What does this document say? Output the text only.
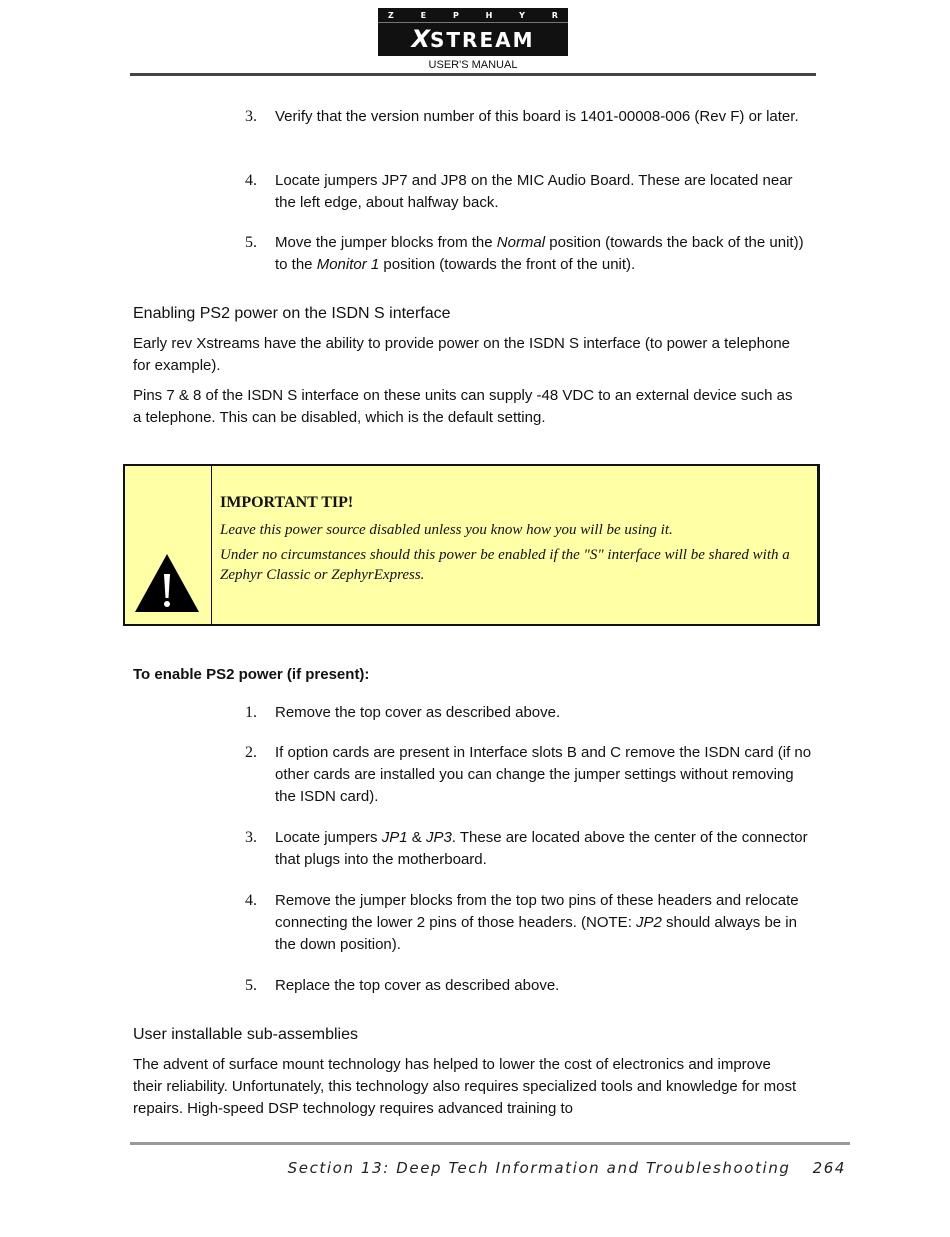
Z	E	P	H	Y	R
XSTREAM
USER'S MANUAL
3. Verify that the version number of this board is 1401-00008-006 (Rev F) or later.
4. Locate jumpers JP7 and JP8 on the MIC Audio Board. These are located near the left edge, about halfway back.
5. Move the jumper blocks from the Normal position (towards the back of the unit)) to the Monitor 1 position (towards the front of the unit).
Enabling PS2 power on the ISDN S interface
Early rev Xstreams have the ability to provide power on the ISDN S interface (to power a telephone for example).
Pins 7 & 8 of the ISDN S interface on these units can supply -48 VDC to an external device such as a telephone. This can be disabled, which is the default setting.
IMPORTANT TIP!
Leave this power source disabled unless you know how you will be using it.
Under no circumstances should this power be enabled if the "S" interface will be shared with a Zephyr Classic or ZephyrExpress.
To enable PS2 power (if present):
1. Remove the top cover as described above.
2. If option cards are present in Interface slots B and C remove the ISDN card (if no other cards are installed you can change the jumper settings without removing the ISDN card).
3. Locate jumpers JP1 & JP3. These are located above the center of the connector that plugs into the motherboard.
4. Remove the jumper blocks from the top two pins of these headers and relocate connecting the lower 2 pins of those headers. (NOTE: JP2 should always be in the down position).
5. Replace the top cover as described above.
User installable sub-assemblies
The advent of surface mount technology has helped to lower the cost of electronics and improve their reliability. Unfortunately, this technology also requires specialized tools and knowledge for most repairs. High-speed DSP technology requires advanced training to
Section 13: Deep Tech Information and Troubleshooting 264
